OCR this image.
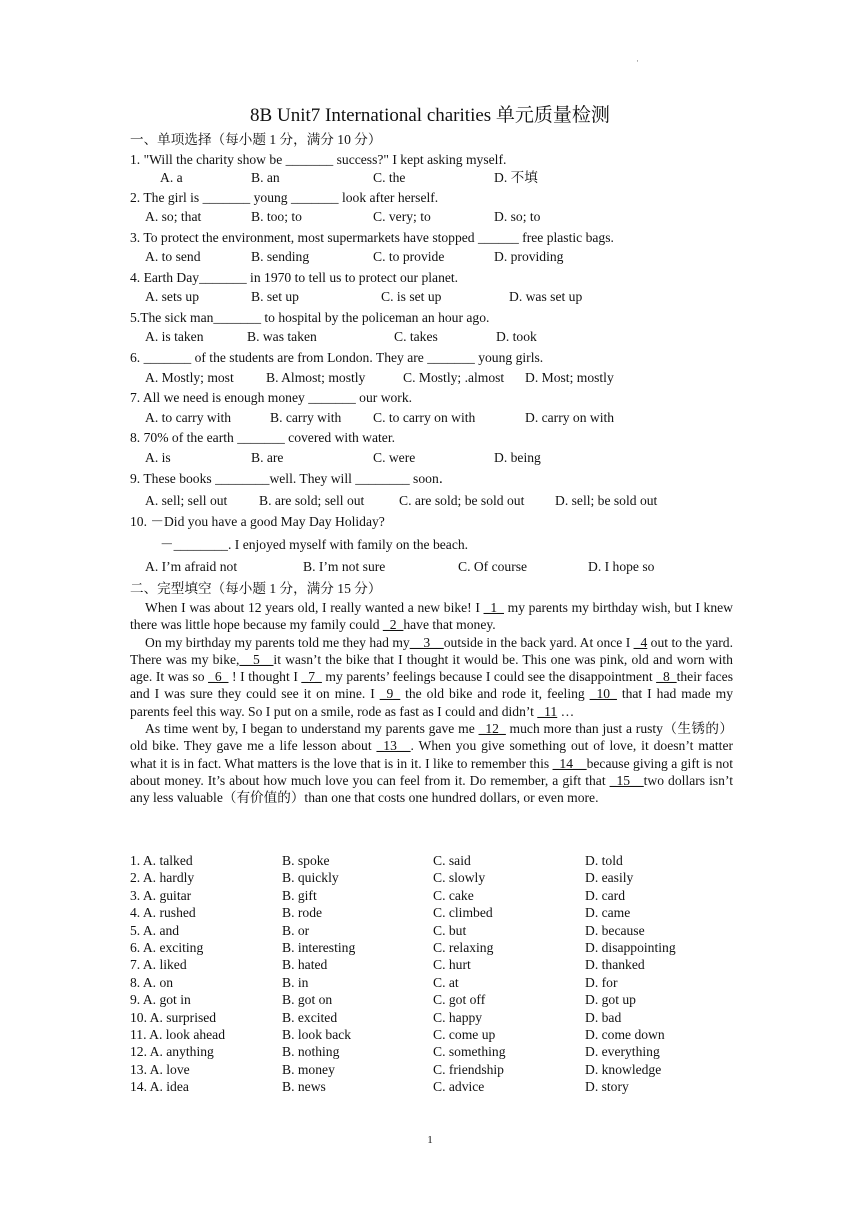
·
8B Unit7 International charities 单元质量检测
一、单项选择（每小题 1 分，满分 10 分）
1. "Will the charity show be _______ success?" I kept asking myself.
A. a	B. an	C. the	D. 不填
2. The girl is _______ young _______ look after herself.
A. so; that	B. too; to	C. very; to	D. so; to
3. To protect the environment, most supermarkets have stopped ______ free plastic bags.
A. to send	B. sending	C. to provide	D. providing
4. Earth Day_______ in 1970 to tell us to protect our planet.
A. sets up	B. set up	C. is set up	D. was set up
5.The sick man_______ to hospital by the policeman an hour ago.
A. is taken	B. was taken	C. takes	D. took
6. _______ of the students are from London. They are _______ young girls.
A. Mostly; most B. Almost; mostly	C. Mostly; .almost D. Most; mostly
7. All we need is enough money _______ our work.
A. to carry with	B. carry with C. to carry on with	D. carry on with
8. 70% of the earth _______ covered with water.
A. is	B. are	C. were	D. being
9. These books ________well. They will ________ soon．
A. sell; sell out B. are sold; sell out	C. are sold; be sold out D. sell; be sold out
10. －Did you have a good May Day Holiday?
－________. I enjoyed myself with family on the beach.
A. I’m afraid not	B. I’m not sure	C. Of course	D. I hope so
二、完型填空（每小题 1 分，满分 15 分）

When I was about 12 years old, I really wanted a new bike! I _1_ my parents my birthday wish, but I knew there was little hope because my family could _2_have that money.

On my birthday my parents told me they had my__3__outside in the back yard. At once I _4 out to the yard. There was my bike,__5__it wasn’t the bike that I thought it would be. This one was pink, old and worn with age. It was so _6_ ! I thought I _7_ my parents’ feelings because I could see the disappointment _8_their faces and I was sure they could see it on mine. I _9_ the old bike and rode it, feeling _10_ that I had made my parents feel this way. So I put on a smile, rode as fast as I could and didn’t _11 …

As time went by, I began to understand my parents gave me _12_ much more than just a rusty（生锈的）old bike. They gave me a life lesson about _13__. When you give something out of love, it doesn’t matter what it is in fact. What matters is the love that is in it. I like to remember this _14__because giving a gift is not about money. It’s about how much love you can feel from it. Do remember, a gift that _15__two dollars isn’t any less valuable（有价值的）than one that costs one hundred dollars, or even more.

1. A. talked	B. spoke	C. said	D. told
2. A. hardly	B. quickly	C. slowly	D. easily
3. A. guitar	B. gift	C. cake	D. card
4. A. rushed	B. rode	C. climbed	D. came
5. A. and	B. or	C. but	D. because
6. A. exciting	B. interesting	C. relaxing	D. disappointing
7. A. liked	B. hated	C. hurt	D. thanked
8. A. on	B. in	C. at	D. for
9. A. got in	B. got on	C. got off	D. got up
10. A. surprised	B. excited	C. happy	D. bad
11. A. look ahead	B. look back	C. come up	D. come down
12. A. anything	B. nothing	C. something	D. everything
13. A. love	B. money	C. friendship	D. knowledge
14. A. idea	B. news	C. advice	D. story
1
